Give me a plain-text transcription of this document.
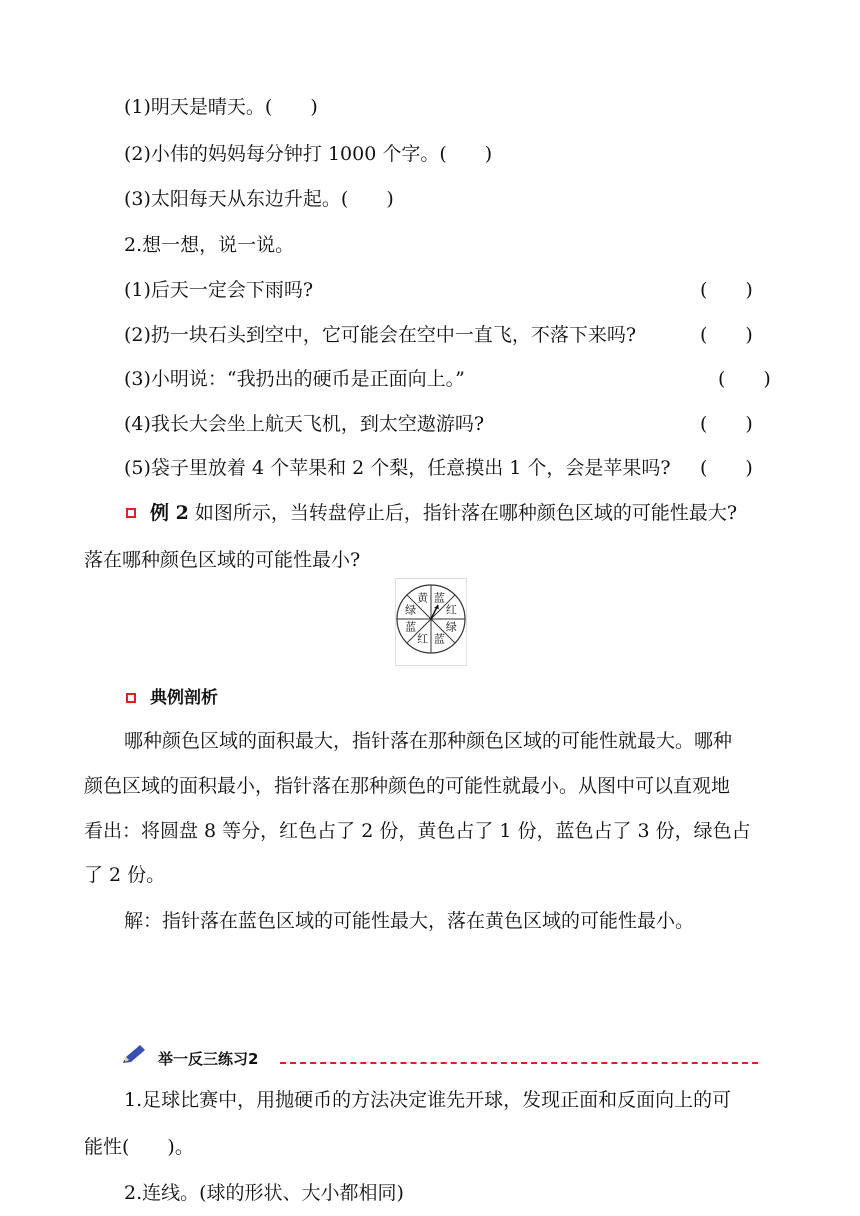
(1)明天是晴天。(　　)
(2)小伟的妈妈每分钟打 1000 个字。(　　)
(3)太阳每天从东边升起。(　　)
2.想一想，说一说。
(1)后天一定会下雨吗?	(　　)
(2)扔一块石头到空中，它可能会在空中一直飞，不落下来吗?	(　　)
(3)小明说：“我扔出的硬币是正面向上。”	(　　)
(4)我长大会坐上航天飞机，到太空遨游吗?	(　　)
(5)袋子里放着 4 个苹果和 2 个梨，任意摸出 1 个，会是苹果吗? (　　)
例 2 如图所示，当转盘停止后，指针落在哪种颜色区域的可能性最大?
落在哪种颜色区域的可能性最小?
蓝
红
绿
蓝
红
蓝
绿
黄
典例剖析
哪种颜色区域的面积最大，指针落在那种颜色区域的可能性就最大。哪种
颜色区域的面积最小，指针落在那种颜色的可能性就最小。从图中可以直观地
看出：将圆盘 8 等分，红色占了 2 份，黄色占了 1 份，蓝色占了 3 份，绿色占
了 2 份。
解：指针落在蓝色区域的可能性最大，落在黄色区域的可能性最小。
举一反三练习2
1.足球比赛中，用抛硬币的方法决定谁先开球，发现正面和反面向上的可
能性(　　)。
2.连线。(球的形状、大小都相同)
